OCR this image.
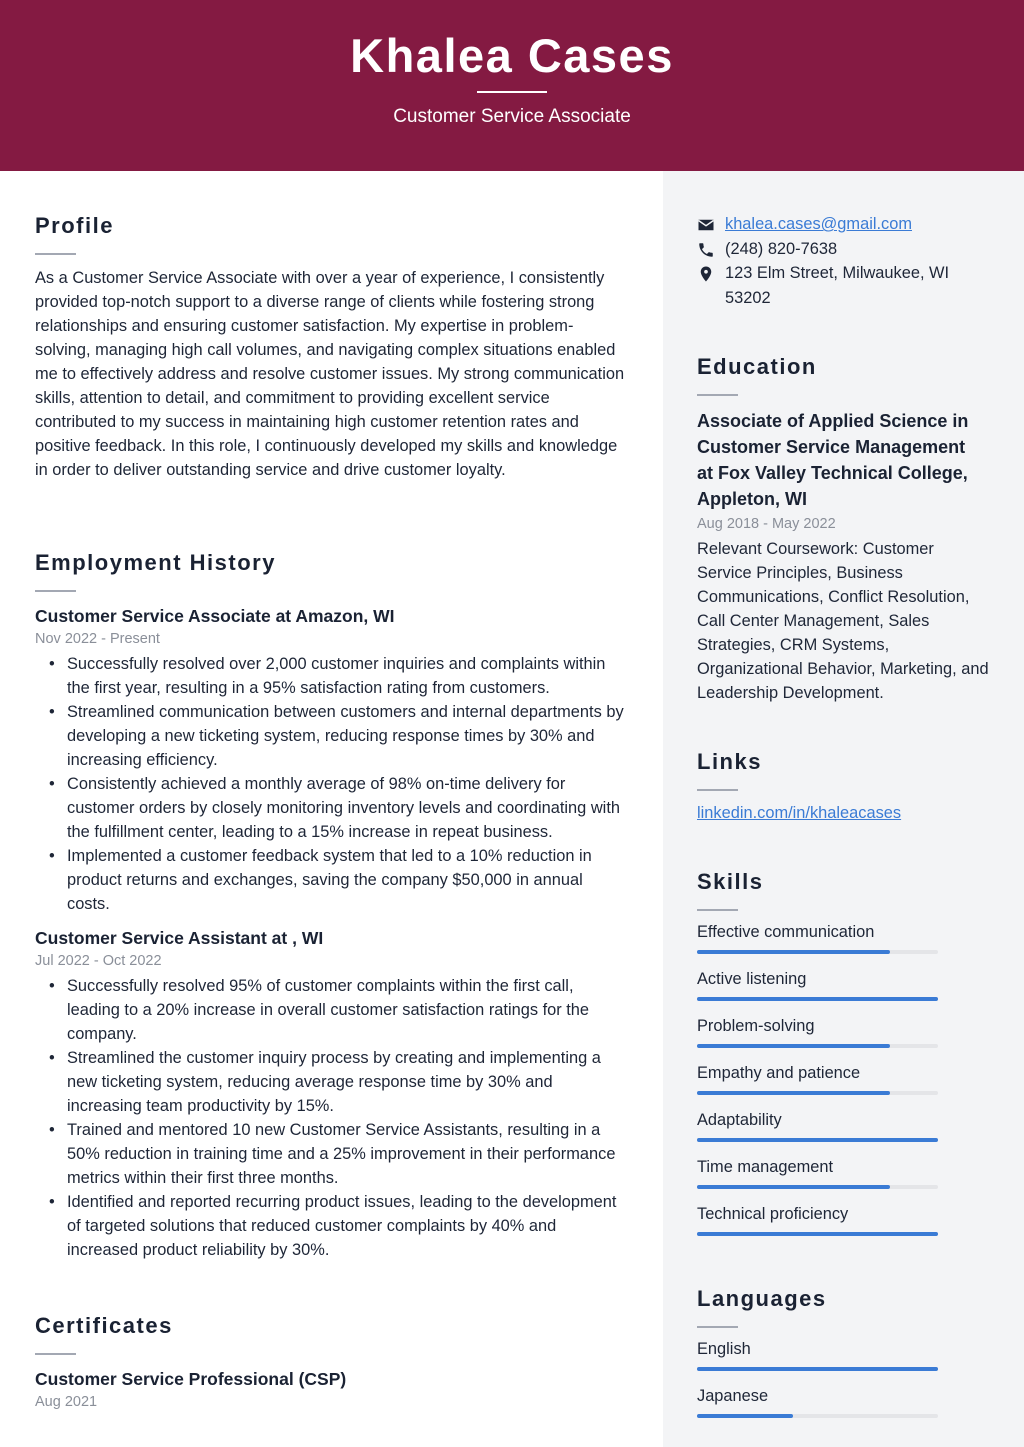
Khalea Cases
Customer Service Associate
khalea.cases@gmail.com
(248) 820-7638
123 Elm Street, Milwaukee, WI 53202
Education
Associate of Applied Science in Customer Service Management at Fox Valley Technical College, Appleton, WI
Aug 2018 - May 2022
Relevant Coursework: Customer Service Principles, Business Communications, Conflict Resolution, Call Center Management, Sales Strategies, CRM Systems, Organizational Behavior, Marketing, and Leadership Development.
Links
linkedin.com/in/khaleacases
Skills
Effective communication
Active listening
Problem-solving
Empathy and patience
Adaptability
Time management
Technical proficiency
Languages
English
Japanese
Profile
As a Customer Service Associate with over a year of experience, I consistently provided top-notch support to a diverse range of clients while fostering strong relationships and ensuring customer satisfaction. My expertise in problem-solving, managing high call volumes, and navigating complex situations enabled me to effectively address and resolve customer issues. My strong communication skills, attention to detail, and commitment to providing excellent service contributed to my success in maintaining high customer retention rates and positive feedback. In this role, I continuously developed my skills and knowledge in order to deliver outstanding service and drive customer loyalty.
Employment History
Customer Service Associate at Amazon, WI
Nov 2022 - Present
• Successfully resolved over 2,000 customer inquiries and complaints within the first year, resulting in a 95% satisfaction rating from customers.
• Streamlined communication between customers and internal departments by developing a new ticketing system, reducing response times by 30% and increasing efficiency.
• Consistently achieved a monthly average of 98% on-time delivery for customer orders by closely monitoring inventory levels and coordinating with the fulfillment center, leading to a 15% increase in repeat business.
• Implemented a customer feedback system that led to a 10% reduction in product returns and exchanges, saving the company $50,000 in annual costs.
Customer Service Assistant at , WI
Jul 2022 - Oct 2022
• Successfully resolved 95% of customer complaints within the first call, leading to a 20% increase in overall customer satisfaction ratings for the company.
• Streamlined the customer inquiry process by creating and implementing a new ticketing system, reducing average response time by 30% and increasing team productivity by 15%.
• Trained and mentored 10 new Customer Service Assistants, resulting in a 50% reduction in training time and a 25% improvement in their performance metrics within their first three months.
• Identified and reported recurring product issues, leading to the development of targeted solutions that reduced customer complaints by 40% and increased product reliability by 30%.
Certificates
Customer Service Professional (CSP)
Aug 2021
